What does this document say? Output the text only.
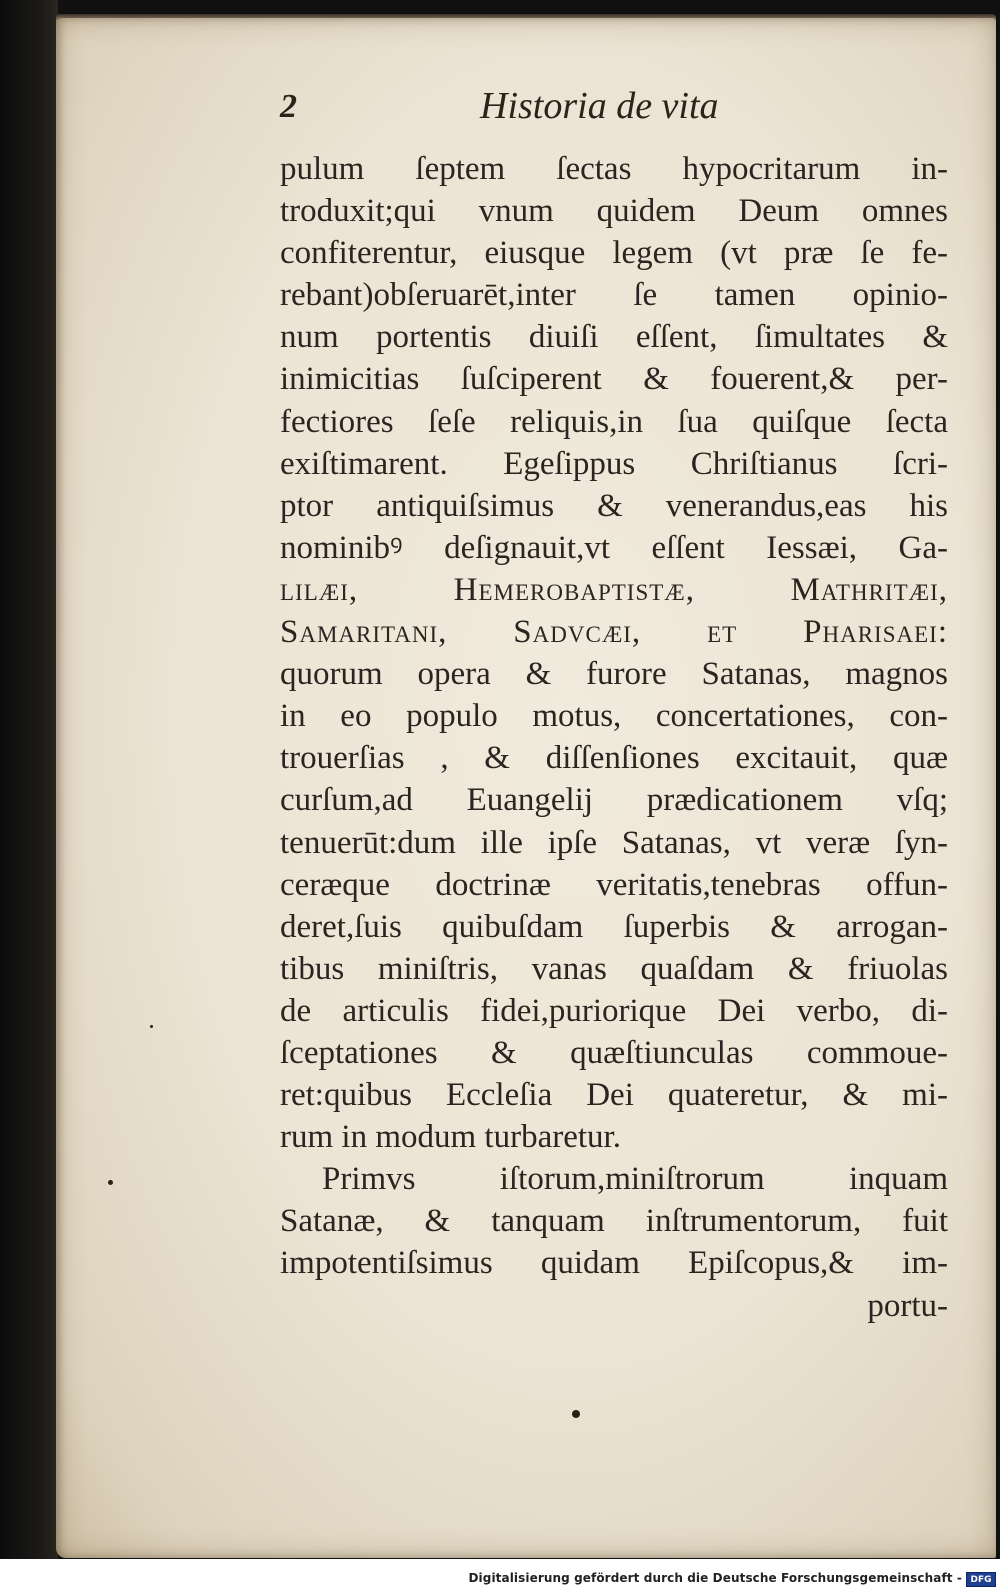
2	Historia de vita
pulum ſeptem ſectas hypocritarum in-
troduxit;qui vnum quidem Deum omnes
confiterentur, eiusque legem (vt præ ſe fe-
rebant)obſeruarēt,inter ſe tamen opinio-
num portentis diuiſi eſſent, ſimultates &
inimicitias ſuſciperent & fouerent,& per-
fectiores ſeſe reliquis,in ſua quiſque ſecta
exiſtimarent. Egeſippus Chriſtianus ſcri-
ptor antiquiſsimus & venerandus,eas his
nominibꝰ deſignauit,vt eſſent Iessæi, Ga-
lilæi, Hemerobaptistæ, Mathritæi,
Samaritani, Sadvcæi, et Pharisaei:
quorum opera & furore Satanas, magnos
in eo populo motus, concertationes, con-
trouerſias , & diſſenſiones excitauit, quæ
curſum,ad Euangelij prædicationem vſq;
tenuerūt:dum ille ipſe Satanas, vt veræ ſyn-
ceræque doctrinæ veritatis,tenebras offun-
deret,ſuis quibuſdam ſuperbis & arrogan-
tibus miniſtris, vanas quaſdam & friuolas
de articulis fidei,puriorique Dei verbo, di-
ſceptationes & quæſtiunculas commoue-
ret:quibus Eccleſia Dei quateretur, & mi-
rum in modum turbaretur.
Primvs iſtorum,miniſtrorum inquam
Satanæ, & tanquam inſtrumentorum, fuit
impotentiſsimus quidam Epiſcopus,& im-
portu-
Digitalisierung gefördert durch die Deutsche Forschungsgemeinschaft - DFG
